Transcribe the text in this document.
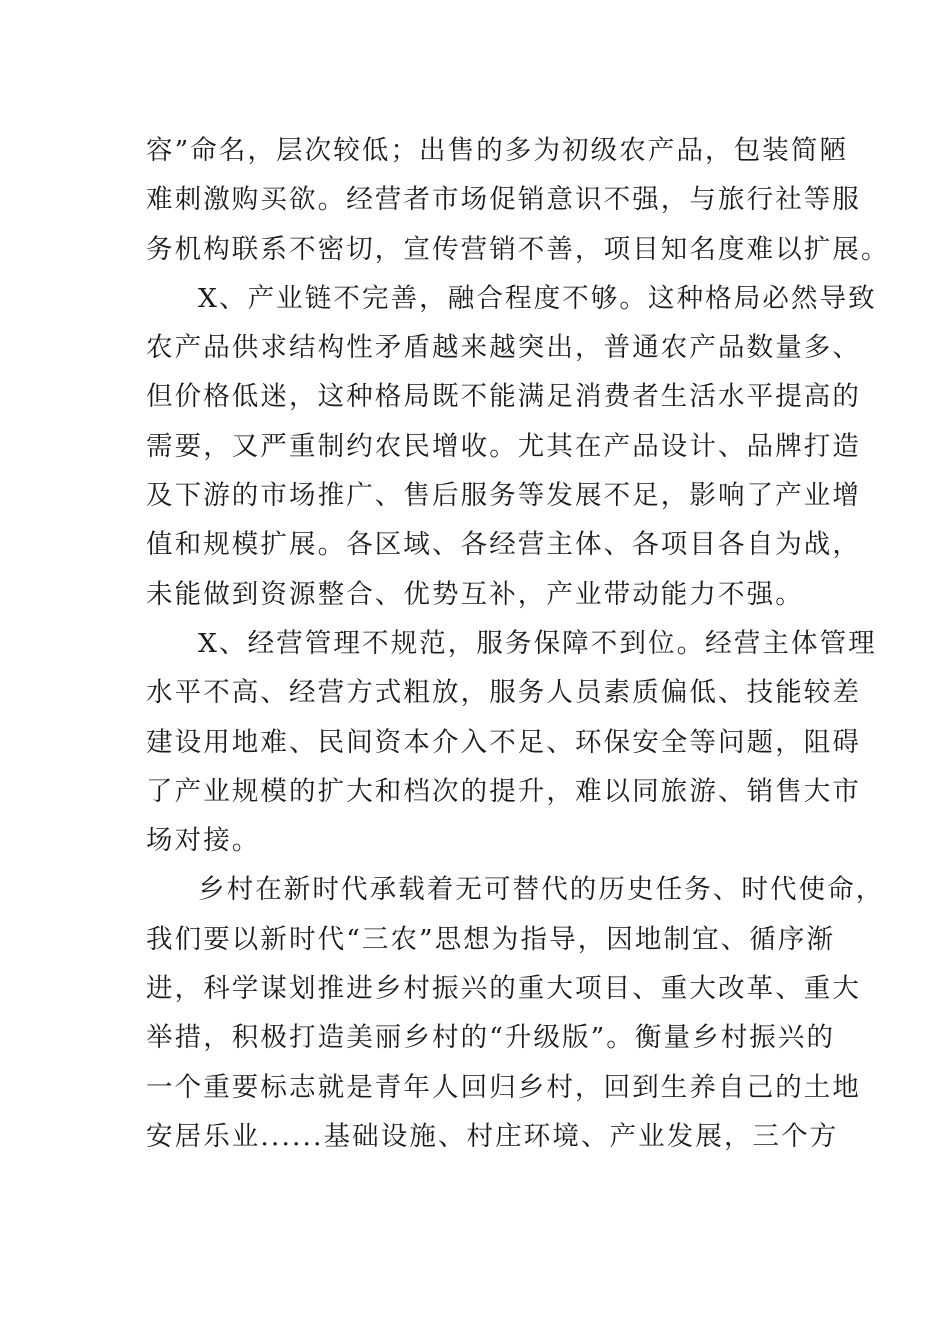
容”命名，层次较低；出售的多为初级农产品，包装简陋
难刺激购买欲。经营者市场促销意识不强，与旅行社等服
务机构联系不密切，宣传营销不善，项目知名度难以扩展。
X、产业链不完善，融合程度不够。这种格局必然导致
农产品供求结构性矛盾越来越突出，普通农产品数量多、
但价格低迷，这种格局既不能满足消费者生活水平提高的
需要，又严重制约农民增收。尤其在产品设计、品牌打造
及下游的市场推广、售后服务等发展不足，影响了产业增
值和规模扩展。各区域、各经营主体、各项目各自为战，
未能做到资源整合、优势互补，产业带动能力不强。
X、经营管理不规范，服务保障不到位。经营主体管理
水平不高、经营方式粗放，服务人员素质偏低、技能较差
建设用地难、民间资本介入不足、环保安全等问题，阻碍
了产业规模的扩大和档次的提升，难以同旅游、销售大市
场对接。
乡村在新时代承载着无可替代的历史任务、时代使命，
我们要以新时代“三农”思想为指导，因地制宜、循序渐
进，科学谋划推进乡村振兴的重大项目、重大改革、重大
举措，积极打造美丽乡村的“升级版”。衡量乡村振兴的
一个重要标志就是青年人回归乡村，回到生养自己的土地
安居乐业......基础设施、村庄环境、产业发展，三个方
